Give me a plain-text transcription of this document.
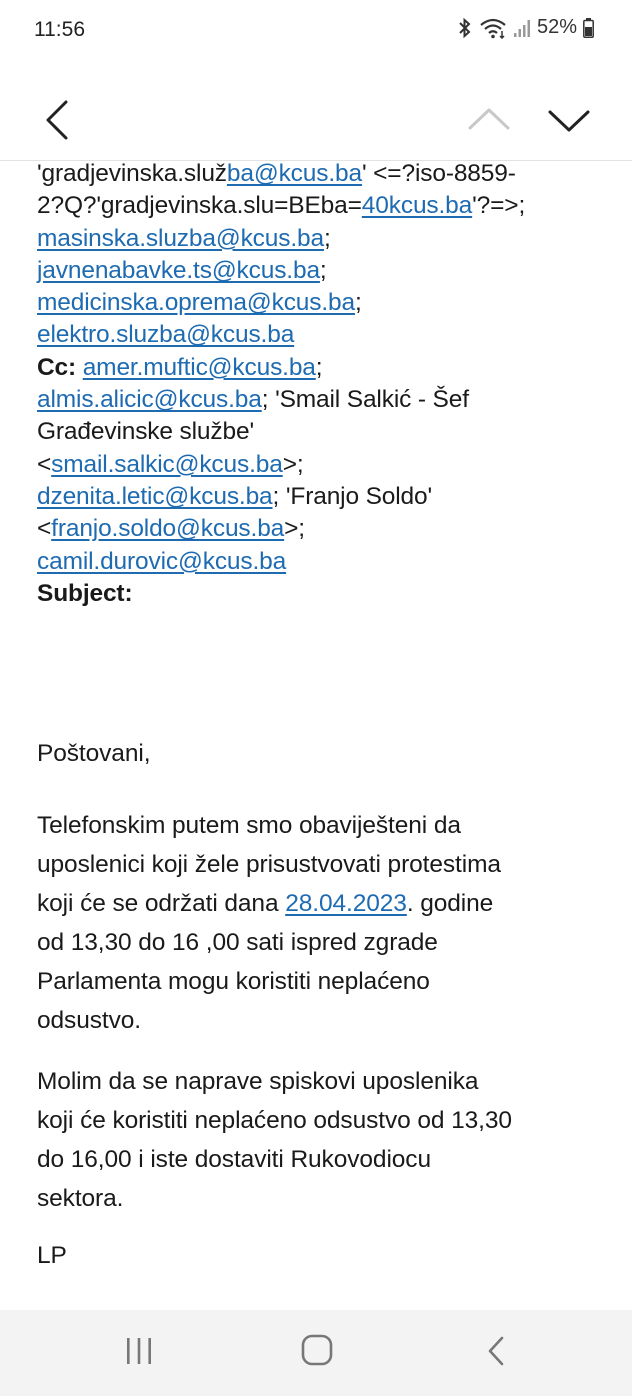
11:56	52%
'gradjevinska.služba@kcus.ba' <=?iso-8859-
2?Q?'gradjevinska.slu=BEba=40kcus.ba'?=>;
masinska.sluzba@kcus.ba;
javnenabavke.ts@kcus.ba;
medicinska.oprema@kcus.ba;
elektro.sluzba@kcus.ba
Cc: amer.muftic@kcus.ba;
almis.alicic@kcus.ba; 'Smail Salkić - Šef
Građevinske službe'
<smail.salkic@kcus.ba>;
dzenita.letic@kcus.ba; 'Franjo Soldo'
<franjo.soldo@kcus.ba>;
camil.durovic@kcus.ba
Subject:
Poštovani,
Telefonskim putem smo obaviješteni da
uposlenici koji žele prisustvovati protestima
koji će se održati dana 28.04.2023. godine
od 13,30 do 16 ,00 sati ispred zgrade
Parlamenta mogu koristiti neplaćeno
odsustvo.
Molim da se naprave spiskovi uposlenika
koji će koristiti neplaćeno odsustvo od 13,30
do 16,00 i iste dostaviti Rukovodiocu
sektora.
LP
